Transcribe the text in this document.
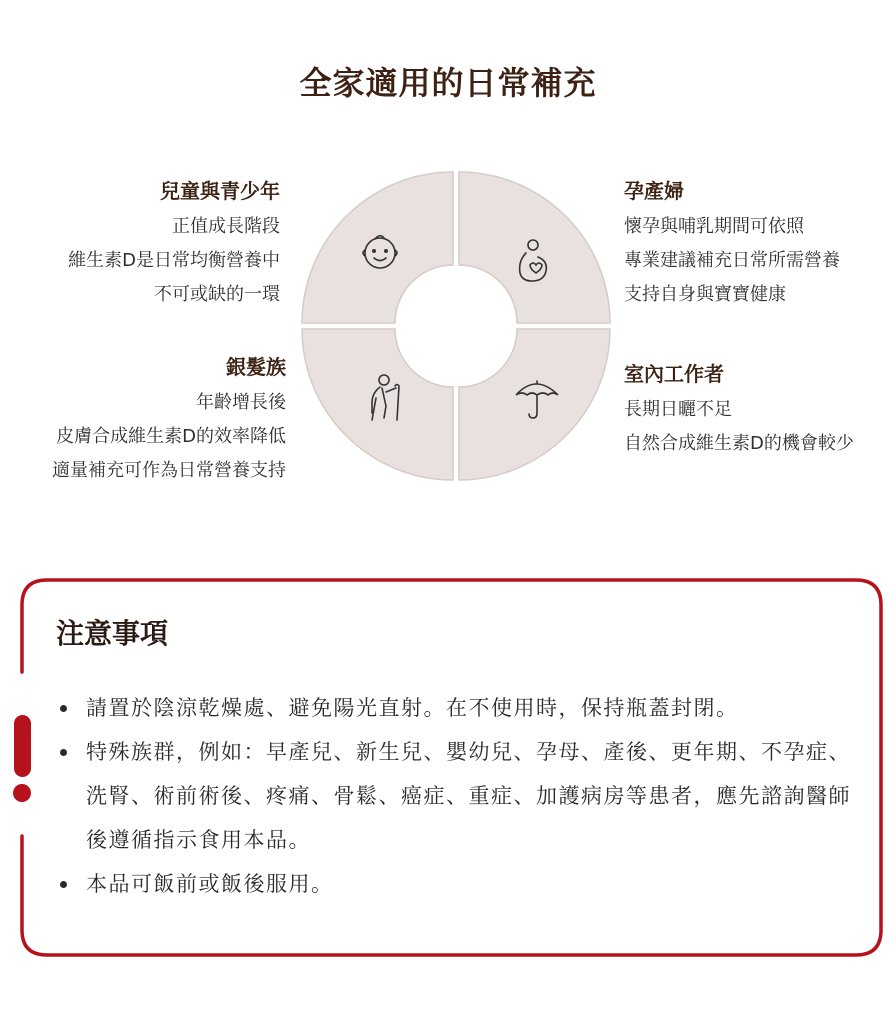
全家適用的日常補充
兒童與青少年
正值成長階段
維生素D是日常均衡營養中
不可或缺的一環
孕產婦
懷孕與哺乳期間可依照
專業建議補充日常所需營養
支持自身與寶寶健康
銀髮族
年齡增長後
皮膚合成維生素D的效率降低
適量補充可作為日常營養支持
室內工作者
長期日曬不足
自然合成維生素D的機會較少
注意事項
請置於陰涼乾燥處、避免陽光直射。在不使用時，保持瓶蓋封閉。
特殊族群，例如：早產兒、新生兒、嬰幼兒、孕母、產後、更年期、不孕症、洗腎、術前術後、疼痛、骨鬆、癌症、重症、加護病房等患者，應先諮詢醫師後遵循指示食用本品。
本品可飯前或飯後服用。
